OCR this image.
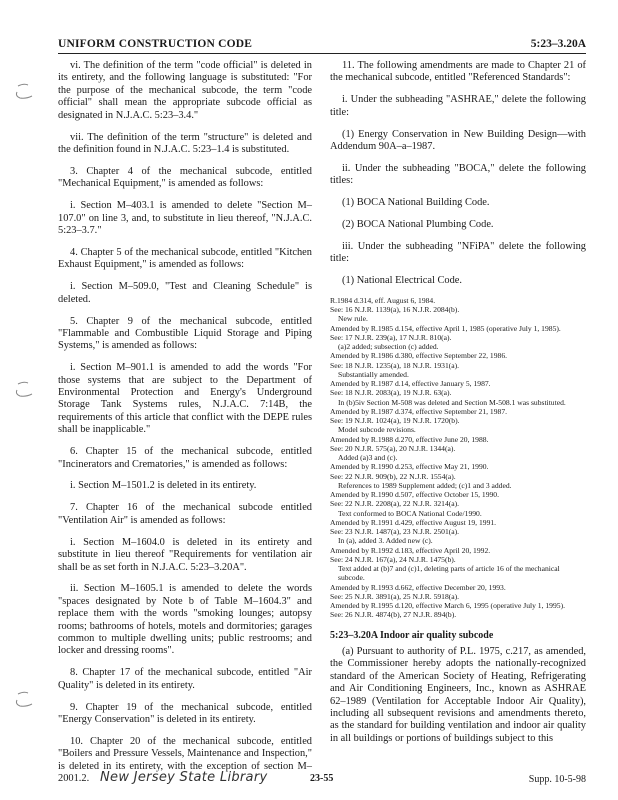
UNIFORM CONSTRUCTION CODE	5:23–3.20A

vi. The definition of the term "code official" is deleted in its entirety, and the following language is substituted: "For the purpose of the mechanical subcode, the term "code official" shall mean the appropriate subcode official as designated in N.J.A.C. 5:23–3.4."

vii. The definition of the term "structure" is deleted and the definition found in N.J.A.C. 5:23–1.4 is substituted.

3. Chapter 4 of the mechanical subcode, entitled "Mechanical Equipment," is amended as follows:

i. Section M–403.1 is amended to delete "Section M–107.0" on line 3, and, to substitute in lieu thereof, "N.J.A.C. 5:23–3.7."

4. Chapter 5 of the mechanical subcode, entitled "Kitchen Exhaust Equipment," is amended as follows:

i. Section M–509.0, "Test and Cleaning Schedule" is deleted.

5. Chapter 9 of the mechanical subcode, entitled "Flammable and Combustible Liquid Storage and Piping Systems," is amended as follows:

i. Section M–901.1 is amended to add the words "For those systems that are subject to the Department of Environmental Protection and Energy's Underground Storage Tank Systems rules, N.J.A.C. 7:14B, the requirements of this article that conflict with the DEPE rules shall be inapplicable."

6. Chapter 15 of the mechanical subcode, entitled "Incinerators and Crematories," is amended as follows:

i. Section M–1501.2 is deleted in its entirety.

7. Chapter 16 of the mechanical subcode entitled "Ventilation Air" is amended as follows:

i. Section M–1604.0 is deleted in its entirety and substitute in lieu thereof "Requirements for ventilation air shall be as set forth in N.J.A.C. 5:23–3.20A".

ii. Section M–1605.1 is amended to delete the words "spaces designated by Note b of Table M–1604.3" and replace them with the words "smoking lounges; autopsy rooms; bathrooms of hotels, motels and dormitories; garages common to multiple dwelling units; public restrooms; and locker and dressing rooms".

8. Chapter 17 of the mechanical subcode, entitled "Air Quality" is deleted in its entirety.

9. Chapter 19 of the mechanical subcode, entitled "Energy Conservation" is deleted in its entirety.

10. Chapter 20 of the mechanical subcode, entitled "Boilers and Pressure Vessels, Maintenance and Inspection," is deleted in its entirety, with the exception of section M–2001.2.

11. The following amendments are made to Chapter 21 of the mechanical subcode, entitled "Referenced Standards":

i. Under the subheading "ASHRAE," delete the following title:

(1) Energy Conservation in New Building Design—with Addendum 90A–a–1987.

ii. Under the subheading "BOCA," delete the following titles:

(1) BOCA National Building Code.

(2) BOCA National Plumbing Code.

iii. Under the subheading "NFiPA" delete the following title:

(1) National Electrical Code.

R.1984 d.314, eff. August 6, 1984.
See: 16 N.J.R. 1139(a), 16 N.J.R. 2084(b).
New rule.
Amended by R.1985 d.154, effective April 1, 1985 (operative July 1, 1985).
See: 17 N.J.R. 239(a), 17 N.J.R. 810(a).
(a)2 added; subsection (c) added.
Amended by R.1986 d.380, effective September 22, 1986.
See: 18 N.J.R. 1235(a), 18 N.J.R. 1931(a).
Substantially amended.
Amended by R.1987 d.14, effective January 5, 1987.
See: 18 N.J.R. 2083(a), 19 N.J.R. 63(a).
In (b)5iv Section M-508 was deleted and Section M-508.1 was substituted.
Amended by R.1987 d.374, effective September 21, 1987.
See: 19 N.J.R. 1024(a), 19 N.J.R. 1720(b).
Model subcode revisions.
Amended by R.1988 d.270, effective June 20, 1988.
See: 20 N.J.R. 575(a), 20 N.J.R. 1344(a).
Added (a)3 and (c).
Amended by R.1990 d.253, effective May 21, 1990.
See: 22 N.J.R. 909(b), 22 N.J.R. 1554(a).
References to 1989 Supplement added; (c)1 and 3 added.
Amended by R.1990 d.507, effective October 15, 1990.
See: 22 N.J.R. 2208(a), 22 N.J.R. 3214(a).
Text conformed to BOCA National Code/1990.
Amended by R.1991 d.429, effective August 19, 1991.
See: 23 N.J.R. 1487(a), 23 N.J.R. 2501(a).
In (a), added 3. Added new (c).
Amended by R.1992 d.183, effective April 20, 1992.
See: 24 N.J.R. 167(a), 24 N.J.R. 1475(b).
Text added at (b)7 and (c)1, deleting parts of article 16 of the mechanical subcode.
Amended by R.1993 d.662, effective December 20, 1993.
See: 25 N.J.R. 3891(a), 25 N.J.R. 5918(a).
Amended by R.1995 d.120, effective March 6, 1995 (operative July 1, 1995).
See: 26 N.J.R. 4874(b), 27 N.J.R. 894(b).

5:23–3.20A Indoor air quality subcode

(a) Pursuant to authority of P.L. 1975, c.217, as amended, the Commissioner hereby adopts the nationally-recognized standard of the American Society of Heating, Refrigerating and Air Conditioning Engineers, Inc., known as ASHRAE 62–1989 (Ventilation for Acceptable Indoor Air Quality), including all subsequent revisions and amendments thereto, as the standard for building ventilation and indoor air quality in all buildings or portions of buildings subject to this

New Jersey State Library	23-55	Supp. 10-5-98
